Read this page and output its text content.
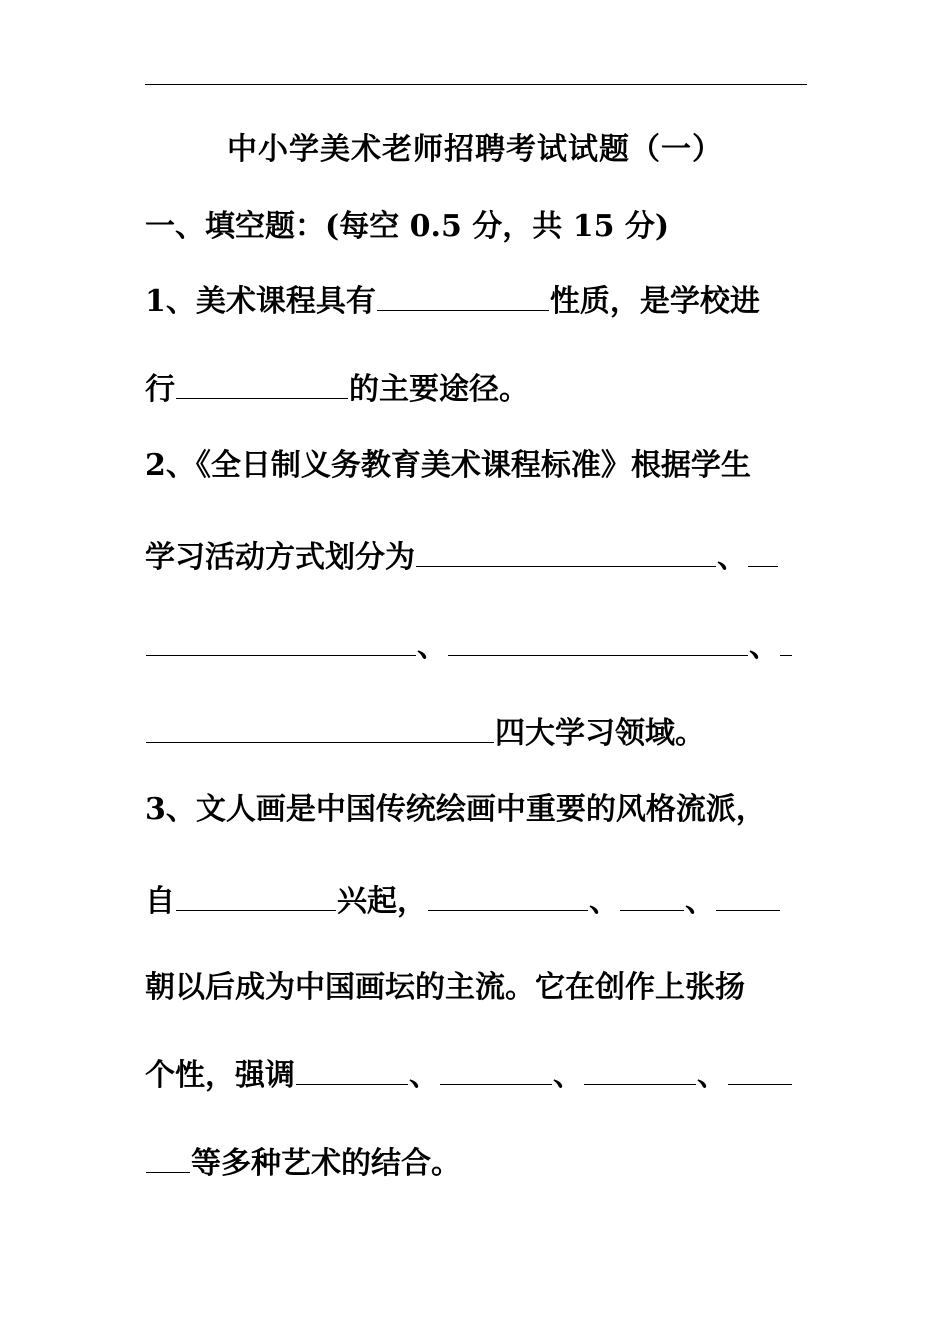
中小学美术老师招聘考试试题（一）
一、填空题：(每空 0.5 分，共 15 分)
1、美术课程具有	性质，是学校进
行	的主要途径。
2、《全日制义务教育美术课程标准》根据学生
学习活动方式划分为	、
、	、
四大学习领域。
3、文人画是中国传统绘画中重要的风格流派，
自	兴起，	、 、
朝以后成为中国画坛的主流。它在创作上张扬
个性，强调	、	、	、
等多种艺术的结合。
